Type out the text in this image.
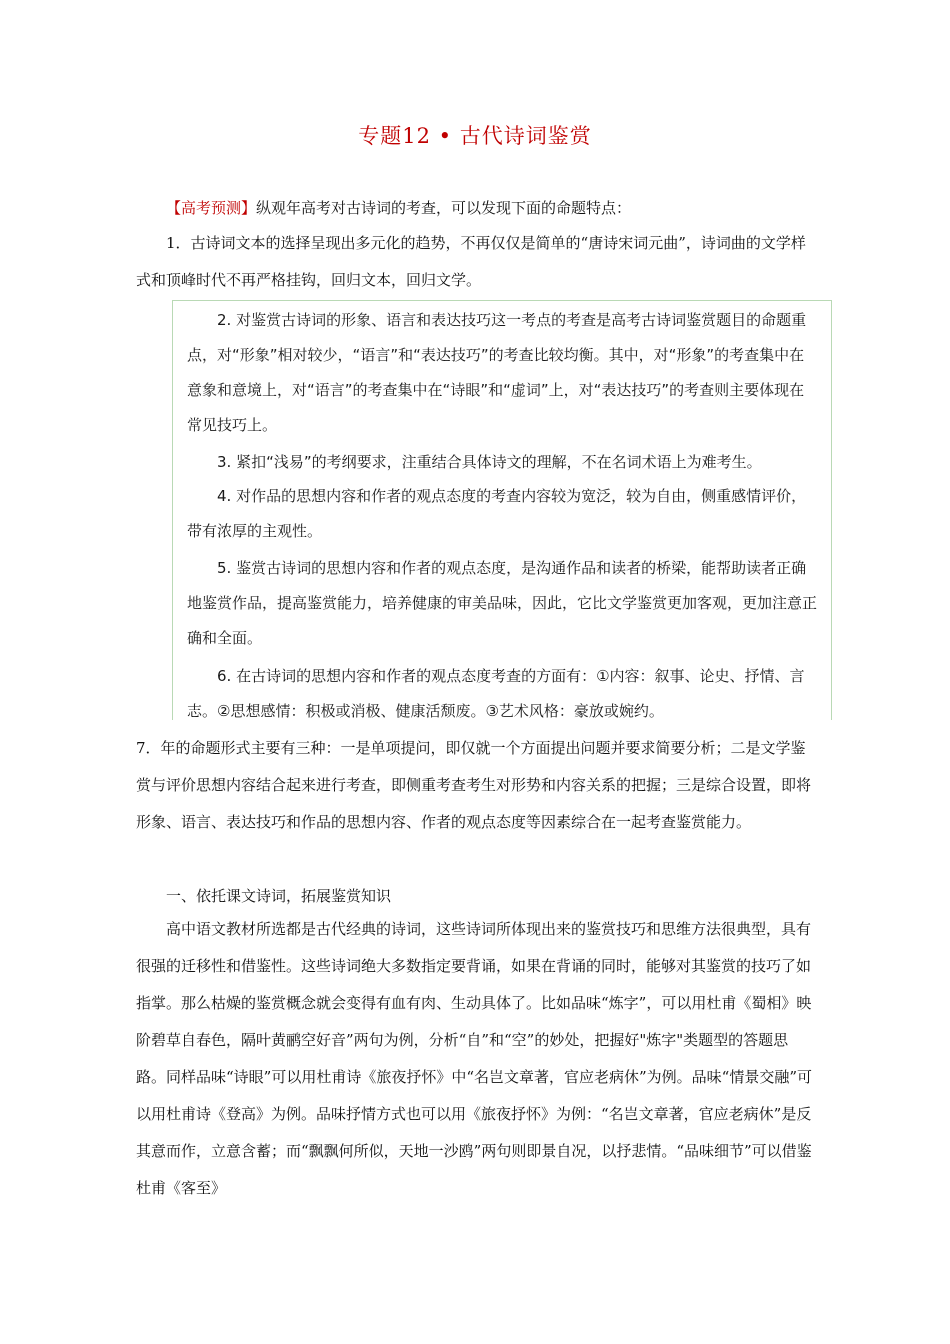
专题12 • 古代诗词鉴赏

【高考预测】纵观年高考对古诗词的考查，可以发现下面的命题特点：

1．古诗词文本的选择呈现出多元化的趋势，不再仅仅是简单的“唐诗宋词元曲”，诗词曲的文学样式和顶峰时代不再严格挂钩，回归文本，回归文学。

2. 对鉴赏古诗词的形象、语言和表达技巧这一考点的考查是高考古诗词鉴赏题目的命题重点，对“形象”相对较少，“语言”和“表达技巧”的考查比较均衡。其中，对“形象”的考查集中在意象和意境上，对“语言”的考查集中在“诗眼”和“虚词”上，对“表达技巧”的考查则主要体现在常见技巧上。

3. 紧扣“浅易”的考纲要求，注重结合具体诗文的理解，不在名词术语上为难考生。

4. 对作品的思想内容和作者的观点态度的考查内容较为宽泛，较为自由，侧重感情评价，带有浓厚的主观性。

5. 鉴赏古诗词的思想内容和作者的观点态度，是沟通作品和读者的桥梁，能帮助读者正确地鉴赏作品，提高鉴赏能力，培养健康的审美品味，因此，它比文学鉴赏更加客观，更加注意正确和全面。

6. 在古诗词的思想内容和作者的观点态度考查的方面有：①内容：叙事、论史、抒情、言志。②思想感情：积极或消极、健康活颓废。③艺术风格：豪放或婉约。

7．年的命题形式主要有三种：一是单项提问，即仅就一个方面提出问题并要求简要分析；二是文学鉴赏与评价思想内容结合起来进行考查，即侧重考查考生对形势和内容关系的把握；三是综合设置，即将形象、语言、表达技巧和作品的思想内容、作者的观点态度等因素综合在一起考查鉴赏能力。

一、依托课文诗词，拓展鉴赏知识

高中语文教材所选都是古代经典的诗词，这些诗词所体现出来的鉴赏技巧和思维方法很典型，具有很强的迁移性和借鉴性。这些诗词绝大多数指定要背诵，如果在背诵的同时，能够对其鉴赏的技巧了如指掌。那么枯燥的鉴赏概念就会变得有血有肉、生动具体了。比如品味“炼字”，可以用杜甫《蜀相》映阶碧草自春色，隔叶黄鹂空好音”两句为例，分析“自”和“空”的妙处，把握好"炼字"类题型的答题思路。同样品味“诗眼”可以用杜甫诗《旅夜抒怀》中“名岂文章著，官应老病休”为例。品味“情景交融”可以用杜甫诗《登高》为例。品味抒情方式也可以用《旅夜抒怀》为例：“名岂文章著，官应老病休”是反其意而作，立意含蓄；而“飘飘何所似，天地一沙鸥”两句则即景自况，以抒悲情。“品味细节”可以借鉴杜甫《客至》
